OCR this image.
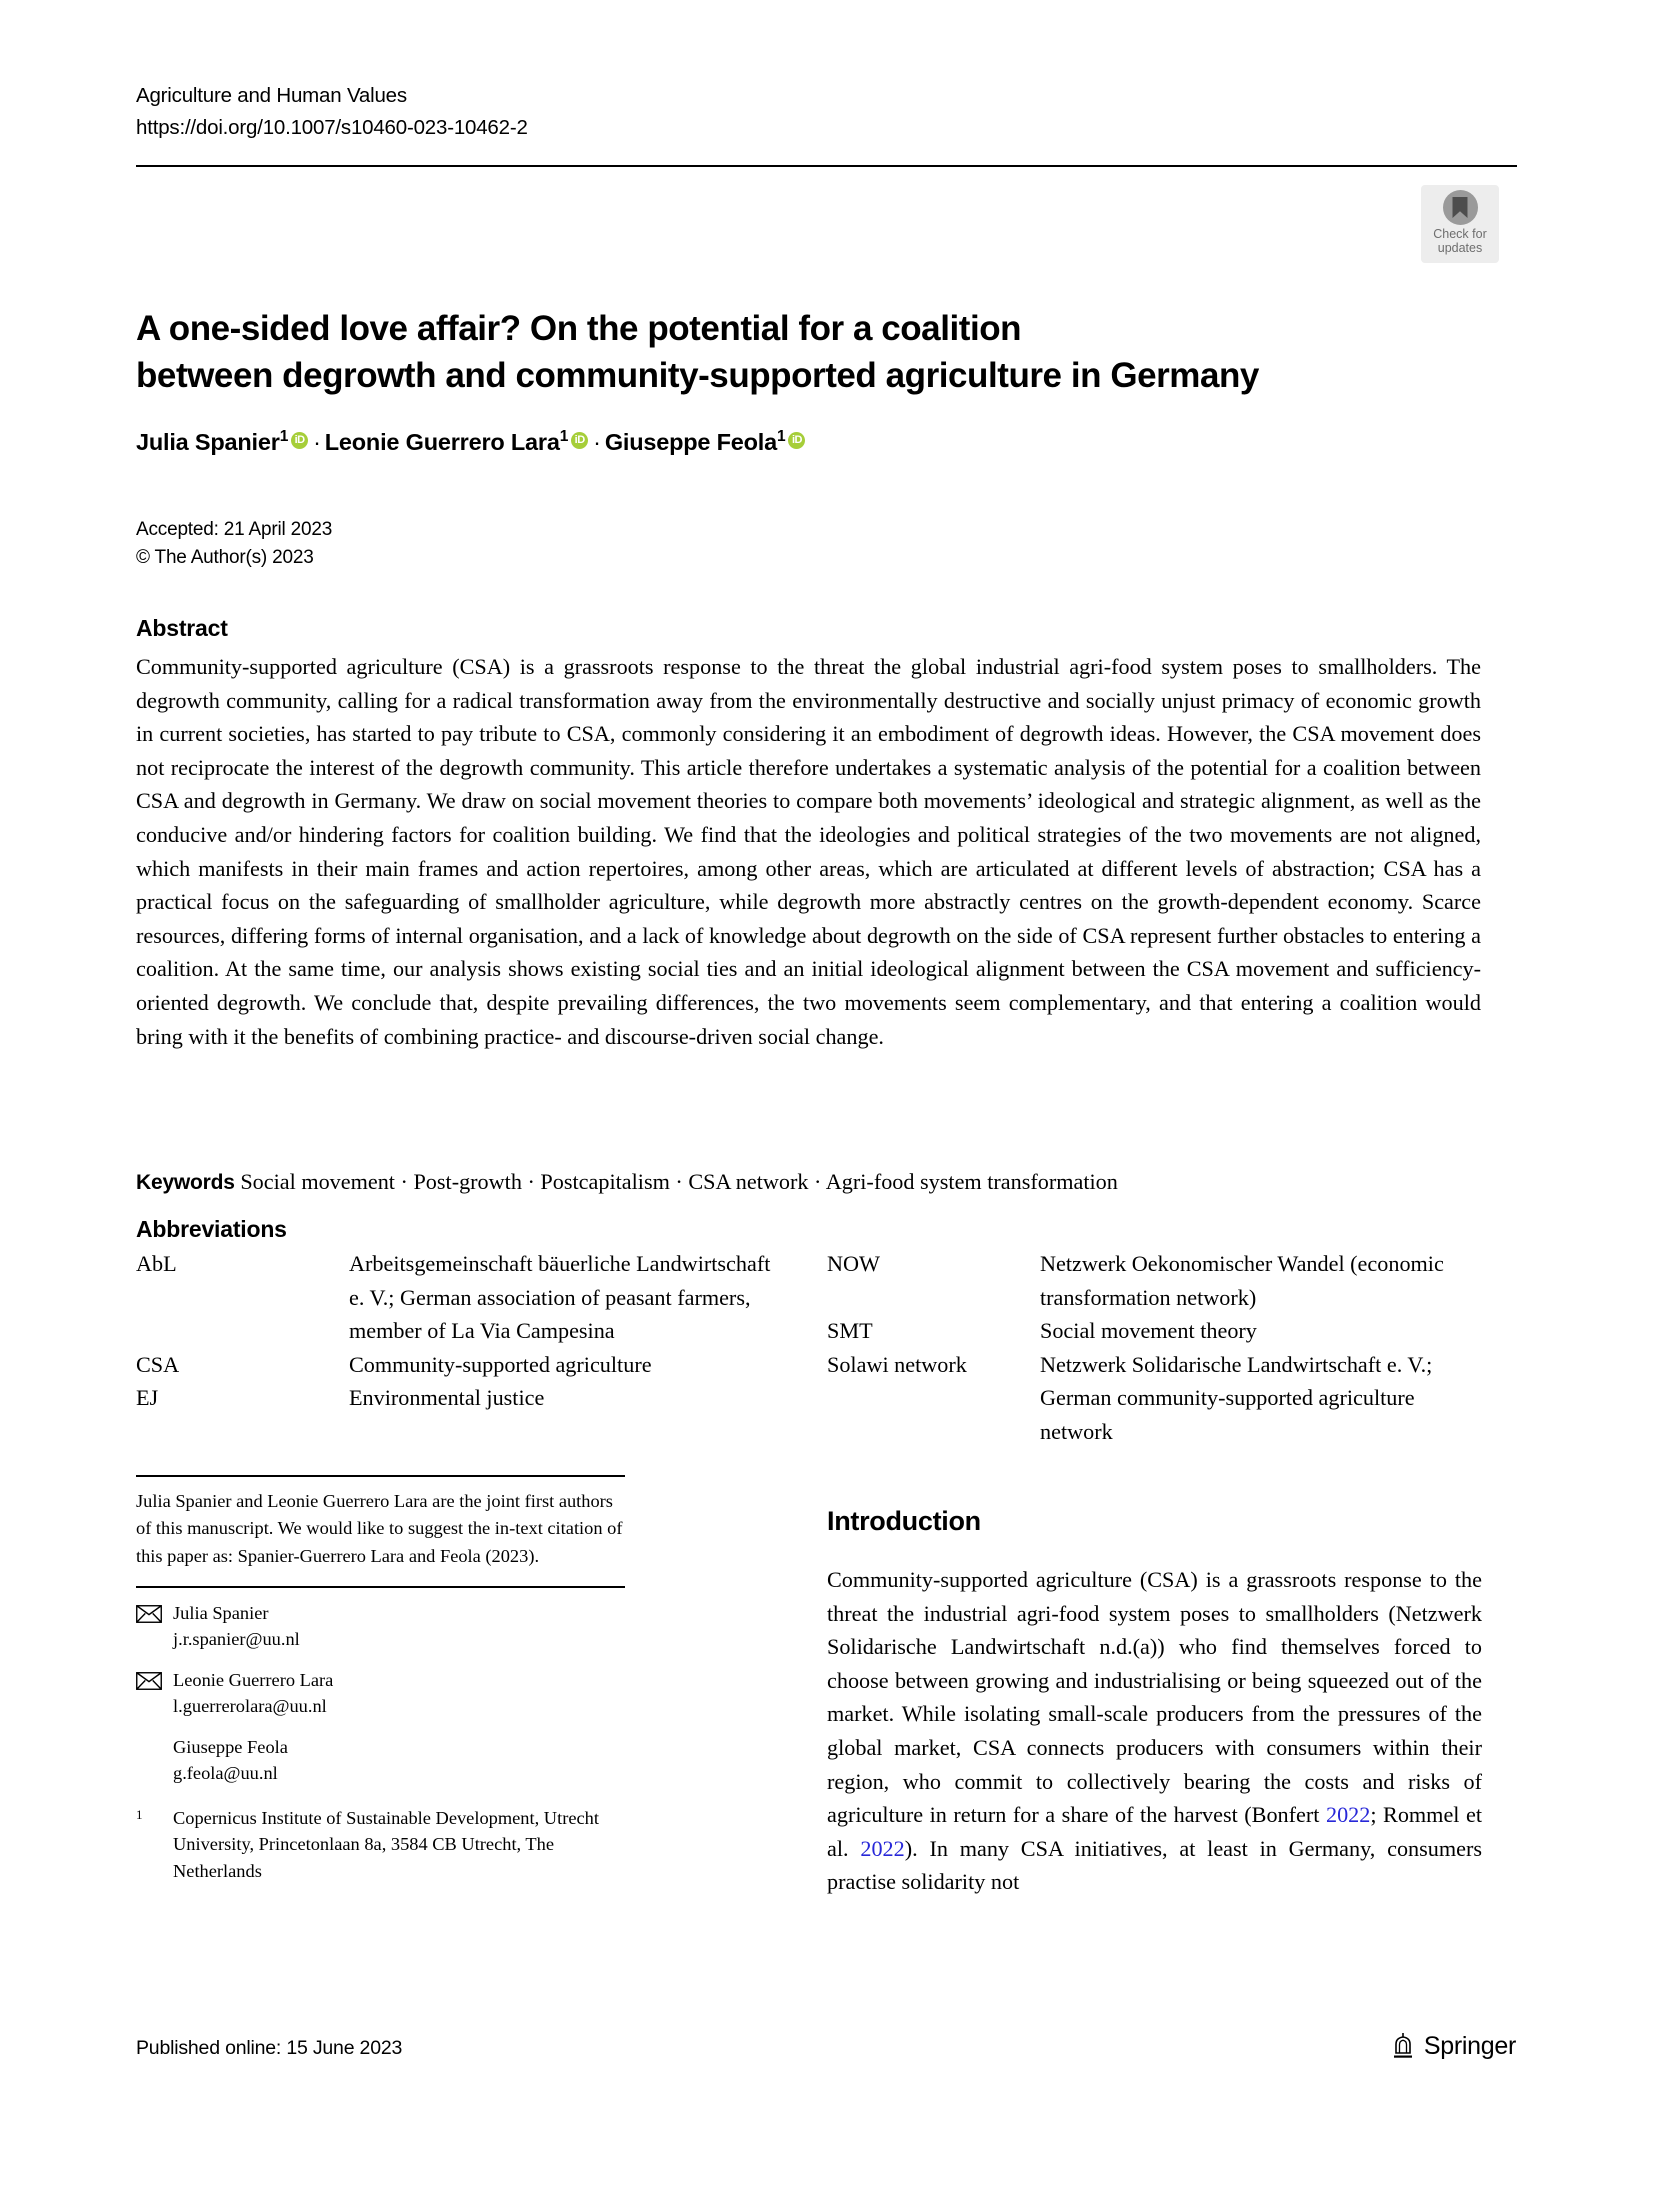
Agriculture and Human Values
https://doi.org/10.1007/s10460-023-10462-2
Check for
updates
A one-sided love affair? On the potential for a coalition
between degrowth and community-supported agriculture in Germany
Julia Spanier$^1$ iD · Leonie Guerrero Lara$^1$ iD · Giuseppe Feola$^1$iD
Accepted: 21 April 2023
© The Author(s) 2023
Abstract
Community-supported agriculture (CSA) is a grassroots response to the threat the global industrial agri-food system poses to smallholders. The degrowth community, calling for a radical transformation away from the environmentally destructive and socially unjust primacy of economic growth in current societies, has started to pay tribute to CSA, commonly considering it an embodiment of degrowth ideas. However, the CSA movement does not reciprocate the interest of the degrowth community. This article therefore undertakes a systematic analysis of the potential for a coalition between CSA and degrowth in Germany. We draw on social movement theories to compare both movements’ ideological and strategic alignment, as well as the conducive and/or hindering factors for coalition building. We find that the ideologies and political strategies of the two movements are not aligned, which manifests in their main frames and action repertoires, among other areas, which are articulated at different levels of abstraction; CSA has a practical focus on the safeguarding of smallholder agriculture, while degrowth more abstractly centres on the growth-dependent economy. Scarce resources, differing forms of internal organisation, and a lack of knowledge about degrowth on the side of CSA represent further obstacles to entering a coalition. At the same time, our analysis shows existing social ties and an initial ideological alignment between the CSA movement and sufficiency-oriented degrowth. We conclude that, despite prevailing differences, the two movements seem complementary, and that entering a coalition would bring with it the benefits of combining practice- and discourse-driven social change.
Keywords Social movement · Post-growth · Postcapitalism · CSA network · Agri-food system transformation
Abbreviations
AbL	Arbeitsgemeinschaft bäuerliche Landwirtschaft e. V.; German association of peasant farmers, member of La Via Campesina
CSA	Community-supported agriculture
EJ	Environmental justice
Julia Spanier and Leonie Guerrero Lara are the joint first authors of this manuscript. We would like to suggest the in-text citation of this paper as: Spanier-Guerrero Lara and Feola (2023).
Julia Spanier
j.r.spanier@uu.nl
Leonie Guerrero Lara
l.guerrerolara@uu.nl
Giuseppe Feola
g.feola@uu.nl
1	Copernicus Institute of Sustainable Development, Utrecht University, Princetonlaan 8a, 3584 CB Utrecht, The Netherlands
NOW	Netzwerk Oekonomischer Wandel (economic transformation network)
SMT	Social movement theory
Solawi network	Netzwerk Solidarische Landwirtschaft e. V.; German community-supported agriculture network
Introduction
Community-supported agriculture (CSA) is a grassroots response to the threat the industrial agri-food system poses to smallholders (Netzwerk Solidarische Landwirtschaft n.d.(a)) who find themselves forced to choose between growing and industrialising or being squeezed out of the market. While isolating small-scale producers from the pressures of the global market, CSA connects producers with consumers within their region, who commit to collectively bearing the costs and risks of agriculture in return for a share of the harvest (Bonfert 2022; Rommel et al. 2022). In many CSA initiatives, at least in Germany, consumers practise solidarity not
Published online: 15 June 2023	Springer
